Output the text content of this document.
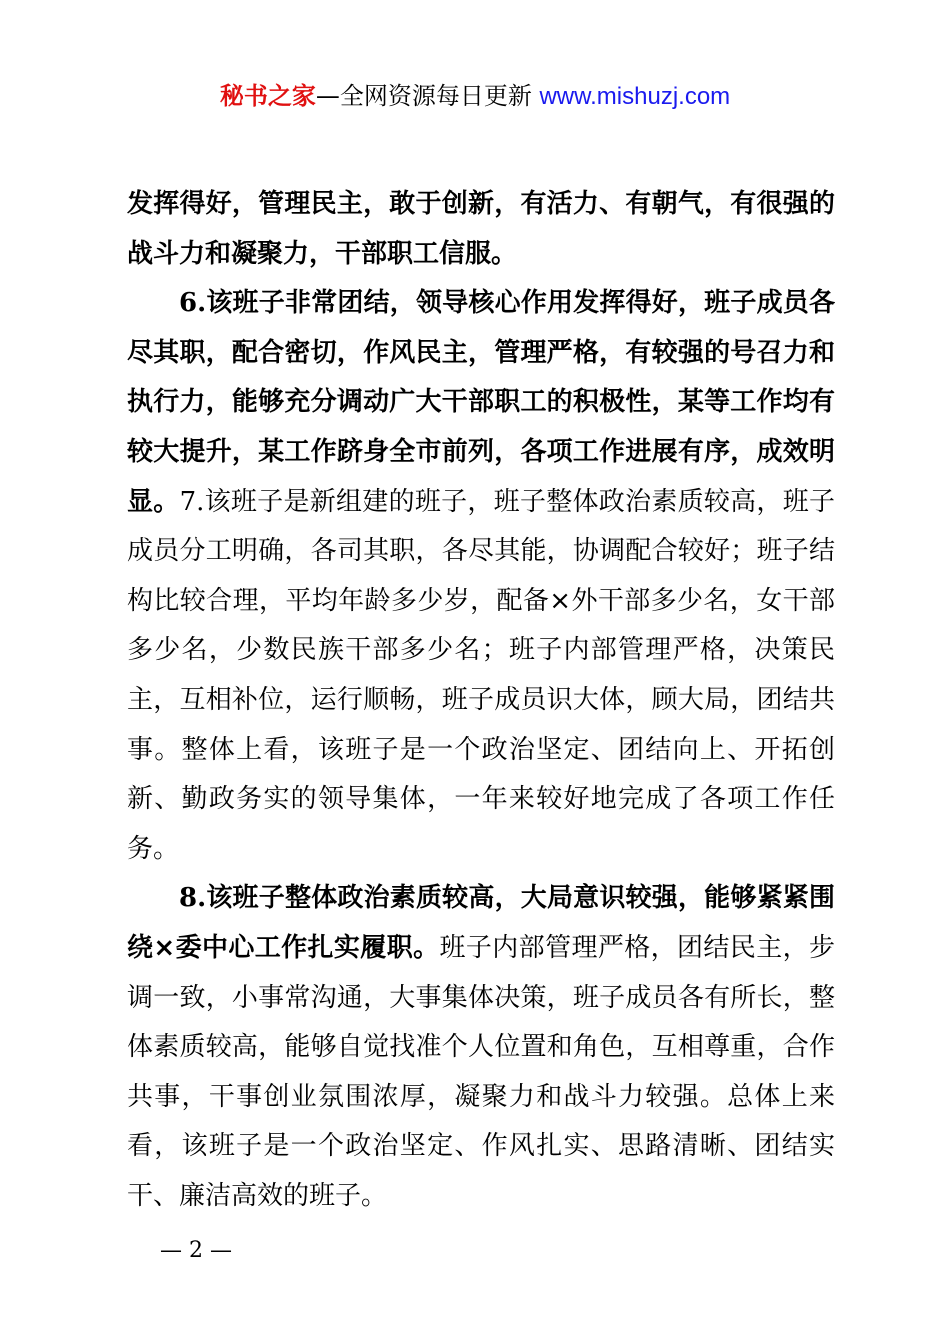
秘书之家—全网资源每日更新 www.mishuzj.com

发挥得好，管理民主，敢于创新，有活力、有朝气，有很强的战斗力和凝聚力，干部职工信服。

6.该班子非常团结，领导核心作用发挥得好，班子成员各尽其职，配合密切，作风民主，管理严格，有较强的号召力和执行力，能够充分调动广大干部职工的积极性，某等工作均有较大提升，某工作跻身全市前列，各项工作进展有序，成效明显。7.该班子是新组建的班子，班子整体政治素质较高，班子成员分工明确，各司其职，各尽其能，协调配合较好；班子结构比较合理，平均年龄多少岁，配备×外干部多少名，女干部多少名，少数民族干部多少名；班子内部管理严格，决策民主，互相补位，运行顺畅，班子成员识大体，顾大局，团结共事。整体上看，该班子是一个政治坚定、团结向上、开拓创新、勤政务实的领导集体，一年来较好地完成了各项工作任务。

8.该班子整体政治素质较高，大局意识较强，能够紧紧围绕×委中心工作扎实履职。班子内部管理严格，团结民主，步调一致，小事常沟通，大事集体决策，班子成员各有所长，整体素质较高，能够自觉找准个人位置和角色，互相尊重，合作共事，干事创业氛围浓厚，凝聚力和战斗力较强。总体上来看，该班子是一个政治坚定、作风扎实、思路清晰、团结实干、廉洁高效的班子。

— 2 —
